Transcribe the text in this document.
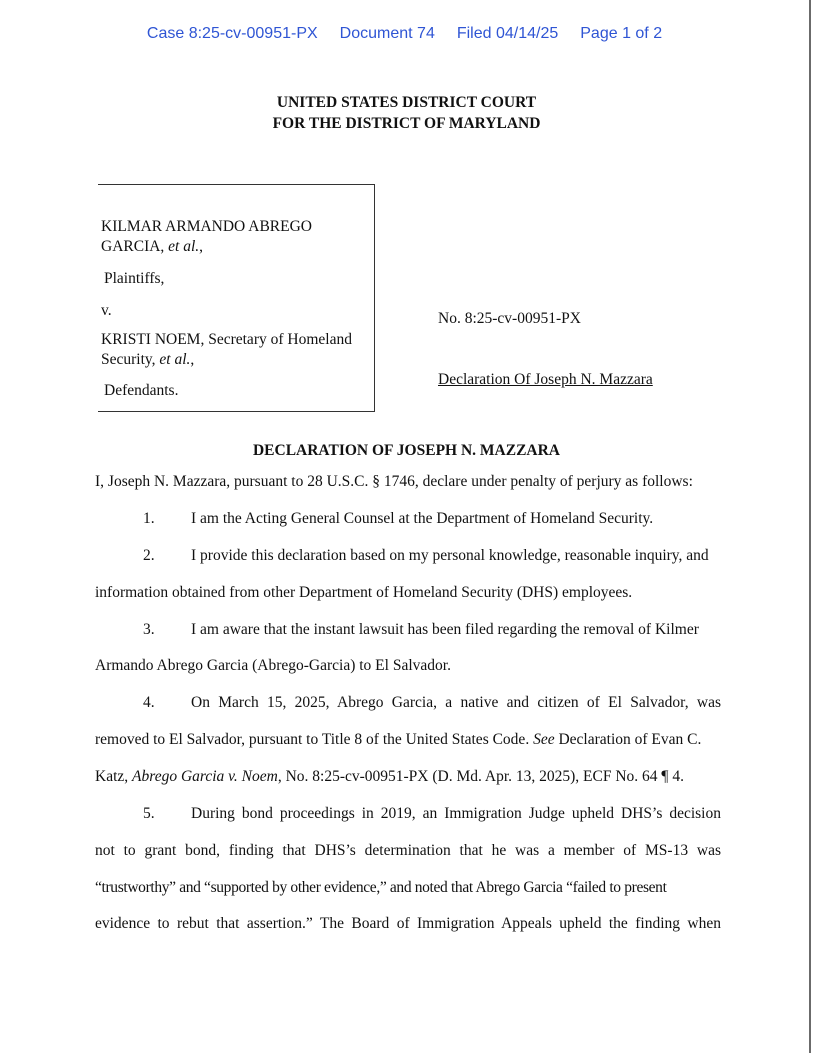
Case 8:25-cv-00951-PX Document 74 Filed 04/14/25 Page 1 of 2
UNITED STATES DISTRICT COURT
FOR THE DISTRICT OF MARYLAND
KILMAR ARMANDO ABREGO
GARCIA, et al.,
Plaintiffs,
v.
KRISTI NOEM, Secretary of Homeland
Security, et al.,
Defendants.
No. 8:25-cv-00951-PX
Declaration Of Joseph N. Mazzara
DECLARATION OF JOSEPH N. MAZZARA
I, Joseph N. Mazzara, pursuant to 28 U.S.C. § 1746, declare under penalty of perjury as follows:
1. I am the Acting General Counsel at the Department of Homeland Security.
2. I provide this declaration based on my personal knowledge, reasonable inquiry, and
information obtained from other Department of Homeland Security (DHS) employees.
3. I am aware that the instant lawsuit has been filed regarding the removal of Kilmer
Armando Abrego Garcia (Abrego-Garcia) to El Salvador.
4. On March 15, 2025, Abrego Garcia, a native and citizen of El Salvador, was
removed to El Salvador, pursuant to Title 8 of the United States Code. See Declaration of Evan C.
Katz, Abrego Garcia v. Noem, No. 8:25-cv-00951-PX (D. Md. Apr. 13, 2025), ECF No. 64 ¶ 4.
5. During bond proceedings in 2019, an Immigration Judge upheld DHS’s decision
not to grant bond, finding that DHS’s determination that he was a member of MS-13 was
“trustworthy” and “supported by other evidence,” and noted that Abrego Garcia “failed to present
evidence to rebut that assertion.” The Board of Immigration Appeals upheld the finding when
